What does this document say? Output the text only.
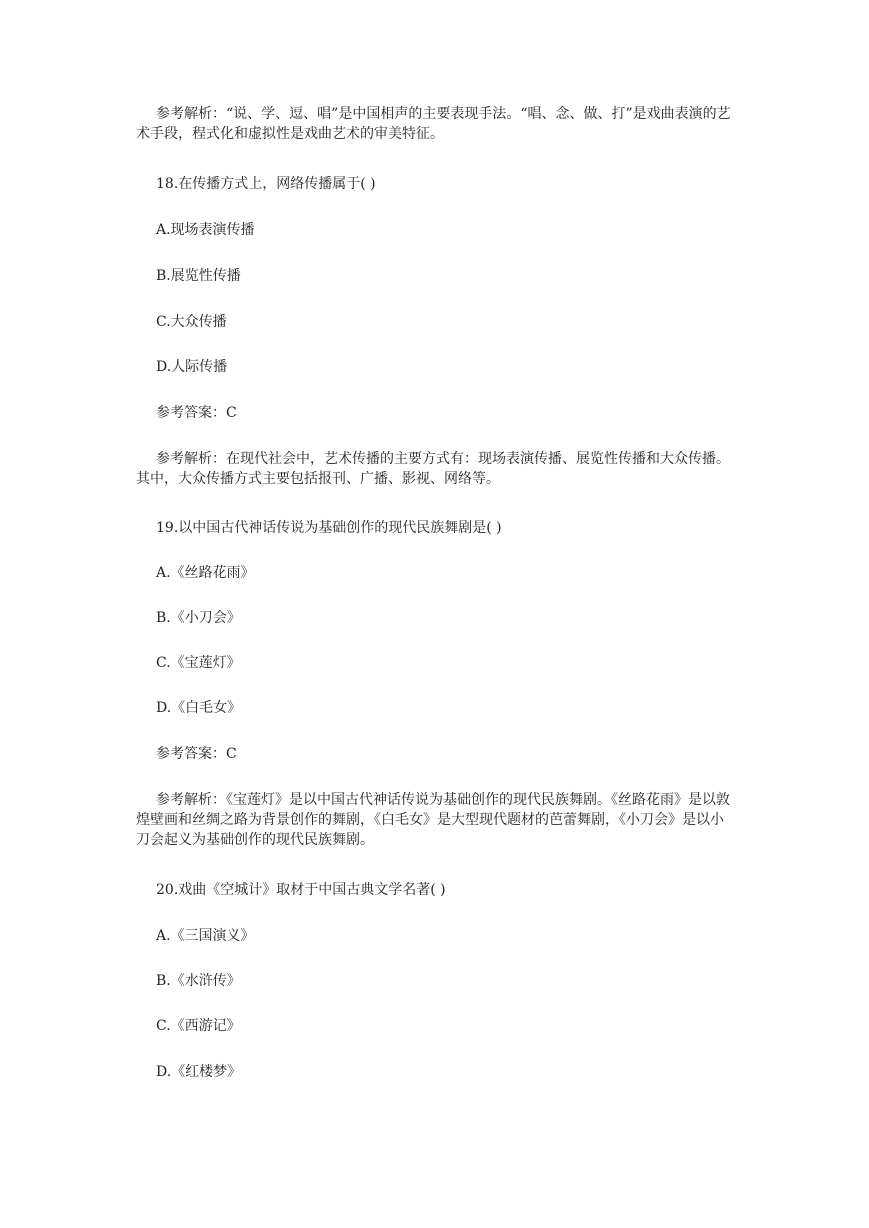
参考解析：“说、学、逗、唱”是中国相声的主要表现手法。“唱、念、做、打”是戏曲表演的艺术手段，程式化和虚拟性是戏曲艺术的审美特征。
18.在传播方式上，网络传播属于( )
A.现场表演传播
B.展览性传播
C.大众传播
D.人际传播
参考答案：C
参考解析：在现代社会中，艺术传播的主要方式有：现场表演传播、展览性传播和大众传播。其中，大众传播方式主要包括报刊、广播、影视、网络等。
19.以中国古代神话传说为基础创作的现代民族舞剧是( )
A.《丝路花雨》
B.《小刀会》
C.《宝莲灯》
D.《白毛女》
参考答案：C
参考解析：《宝莲灯》是以中国古代神话传说为基础创作的现代民族舞剧。《丝路花雨》是以敦煌壁画和丝绸之路为背景创作的舞剧，《白毛女》是大型现代题材的芭蕾舞剧，《小刀会》是以小刀会起义为基础创作的现代民族舞剧。
20.戏曲《空城计》取材于中国古典文学名著( )
A.《三国演义》
B.《水浒传》
C.《西游记》
D.《红楼梦》
